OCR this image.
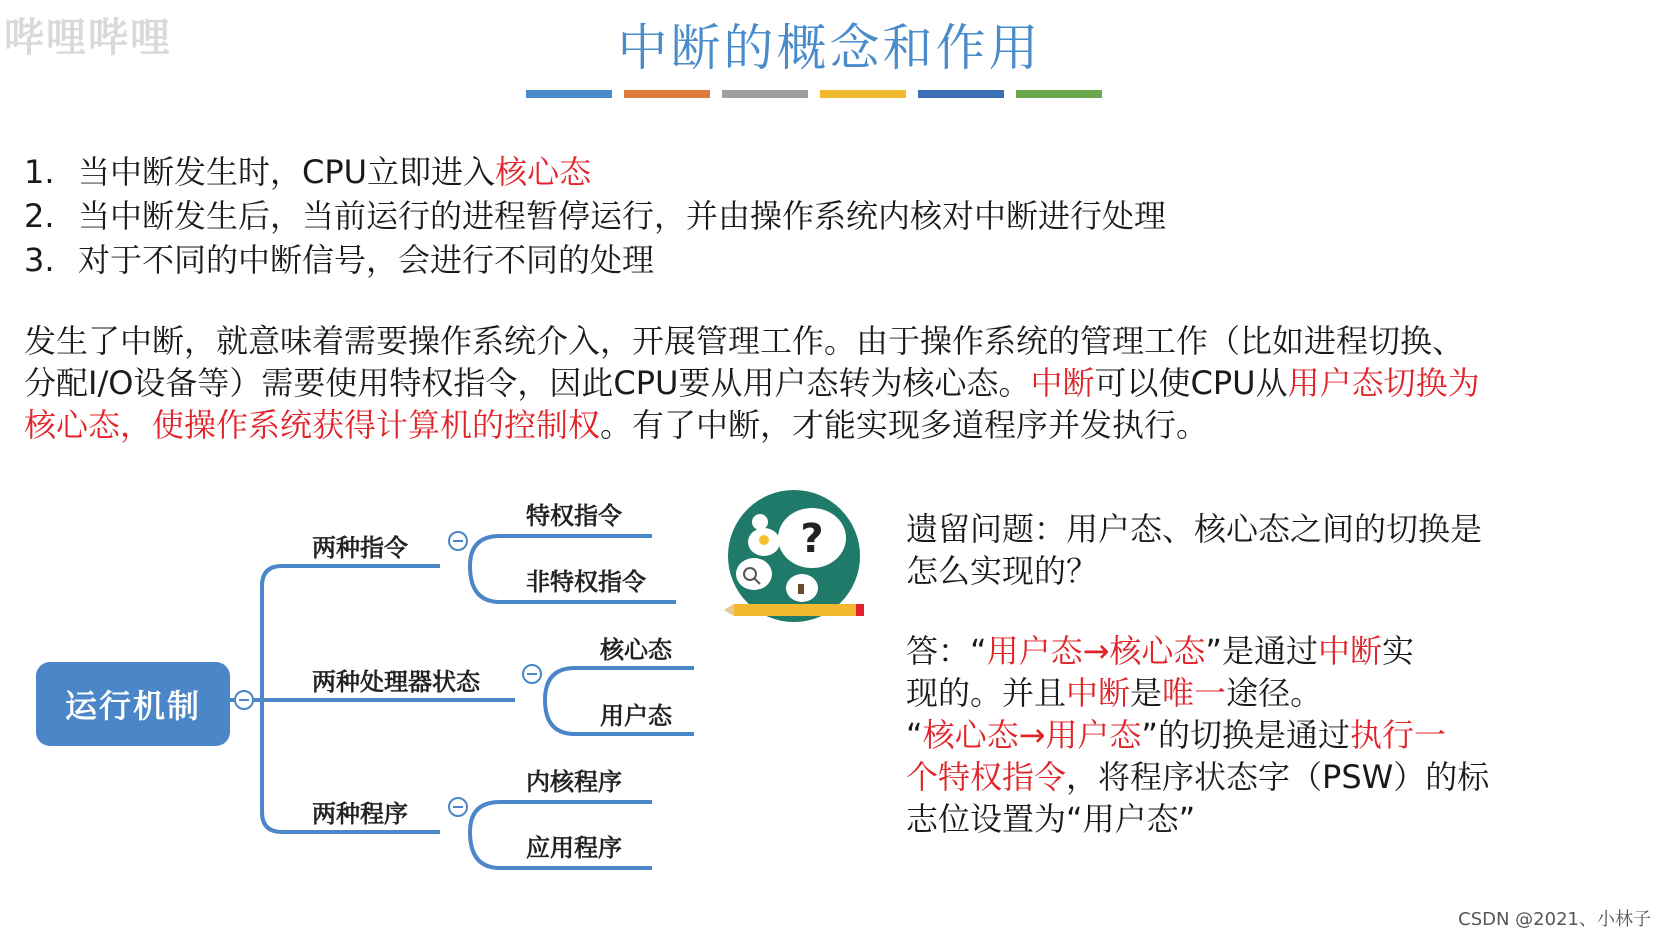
哔哩哔哩	中断的概念和作用
1. 当中断发生时，CPU立即进入 核心态
2. 当中断发生后，当前运行的进程暂停运行，并由操作系统内核对中断进行处理
3. 对于不同的中断信号，会进行不同的处理
发生了中断，就意味着需要操作系统介入，开展管理工作。由于操作系统的管理工作（比如进程切换、
分配I/O设备等）需要使用特权指令，因此CPU要从用户态转为核心态。中断可以使CPU从用户态切换为
核心态，使操作系统获得计算机的控制权。有了中断，才能实现多道程序并发执行。
运行机制
两种指令
特权指令
非特权指令
两种处理器状态
核心态
用户态
两种程序
内核程序
应用程序
?	遗留问题：用户态、核心态之间的切换是
怎么实现的？
答：“用户态→核心态”是通过中断实
现的。并且中断是唯一途径。
“核心态→用户态”的切换是通过执行一
个特权指令，将程序状态字（PSW）的标
志位设置为“用户态”
CSDN @2021、小林子
